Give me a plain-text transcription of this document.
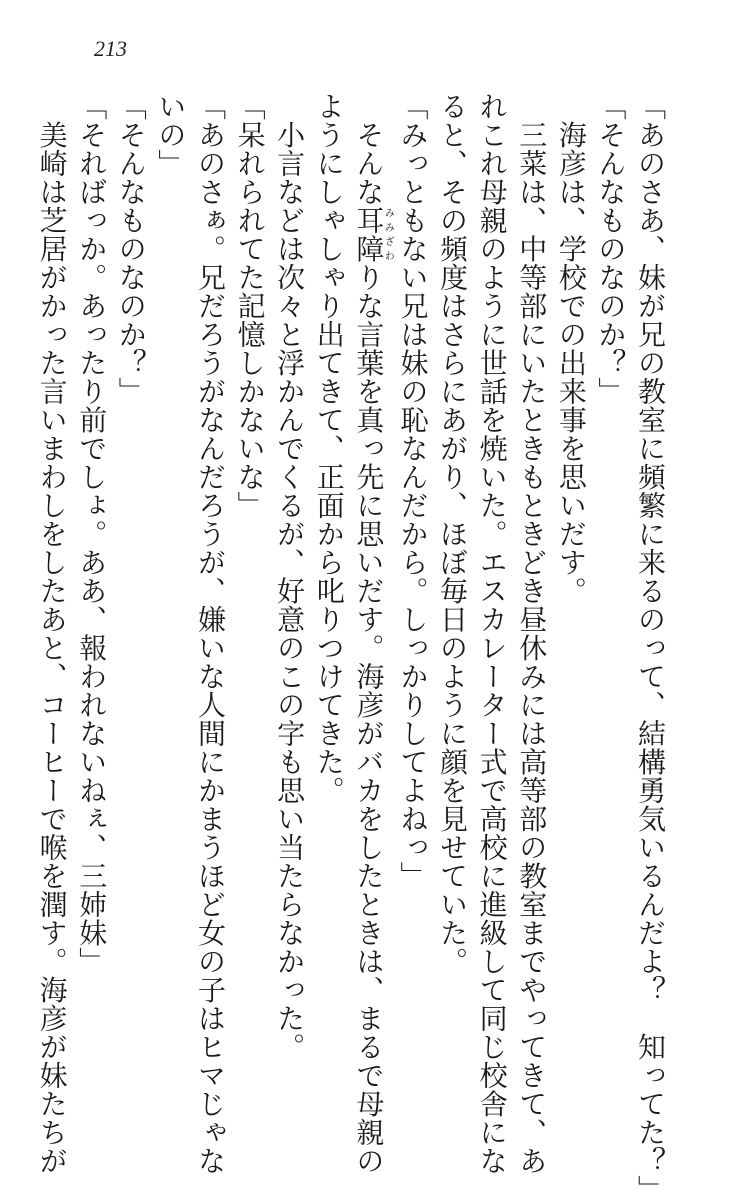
213
「あのさあ、妹が兄の教室に頻繁に来るのって、結構勇気いるんだよ？　知ってた？」
「そんなものなのか？」
　海彦は、学校での出来事を思いだす。
　三菜は、中等部にいたときもときどき昼休みには高等部の教室までやってきて、あ
れこれ母親のように世話を焼いた。エスカレーター式で高校に進級して同じ校舎にな
ると、その頻度はさらにあがり、ほぼ毎日のように顔を見せていた。
「みっともない兄は妹の恥なんだから。しっかりしてよねっ」
　そんな耳障みみざわりな言葉を真っ先に思いだす。海彦がバカをしたときは、まるで母親の
ようにしゃしゃり出てきて、正面から叱りつけてきた。
　小言などは次々と浮かんでくるが、好意のこの字も思い当たらなかった。
「呆れられてた記憶しかないな」
「あのさぁ。兄だろうがなんだろうが、嫌いな人間にかまうほど女の子はヒマじゃな
いの」
「そんなものなのか？」
「そればっか。あったり前でしょ。ああ、報われないねぇ、三姉妹」
　美崎は芝居がかった言いまわしをしたあと、コーヒーで喉を潤す。海彦が妹たちが
